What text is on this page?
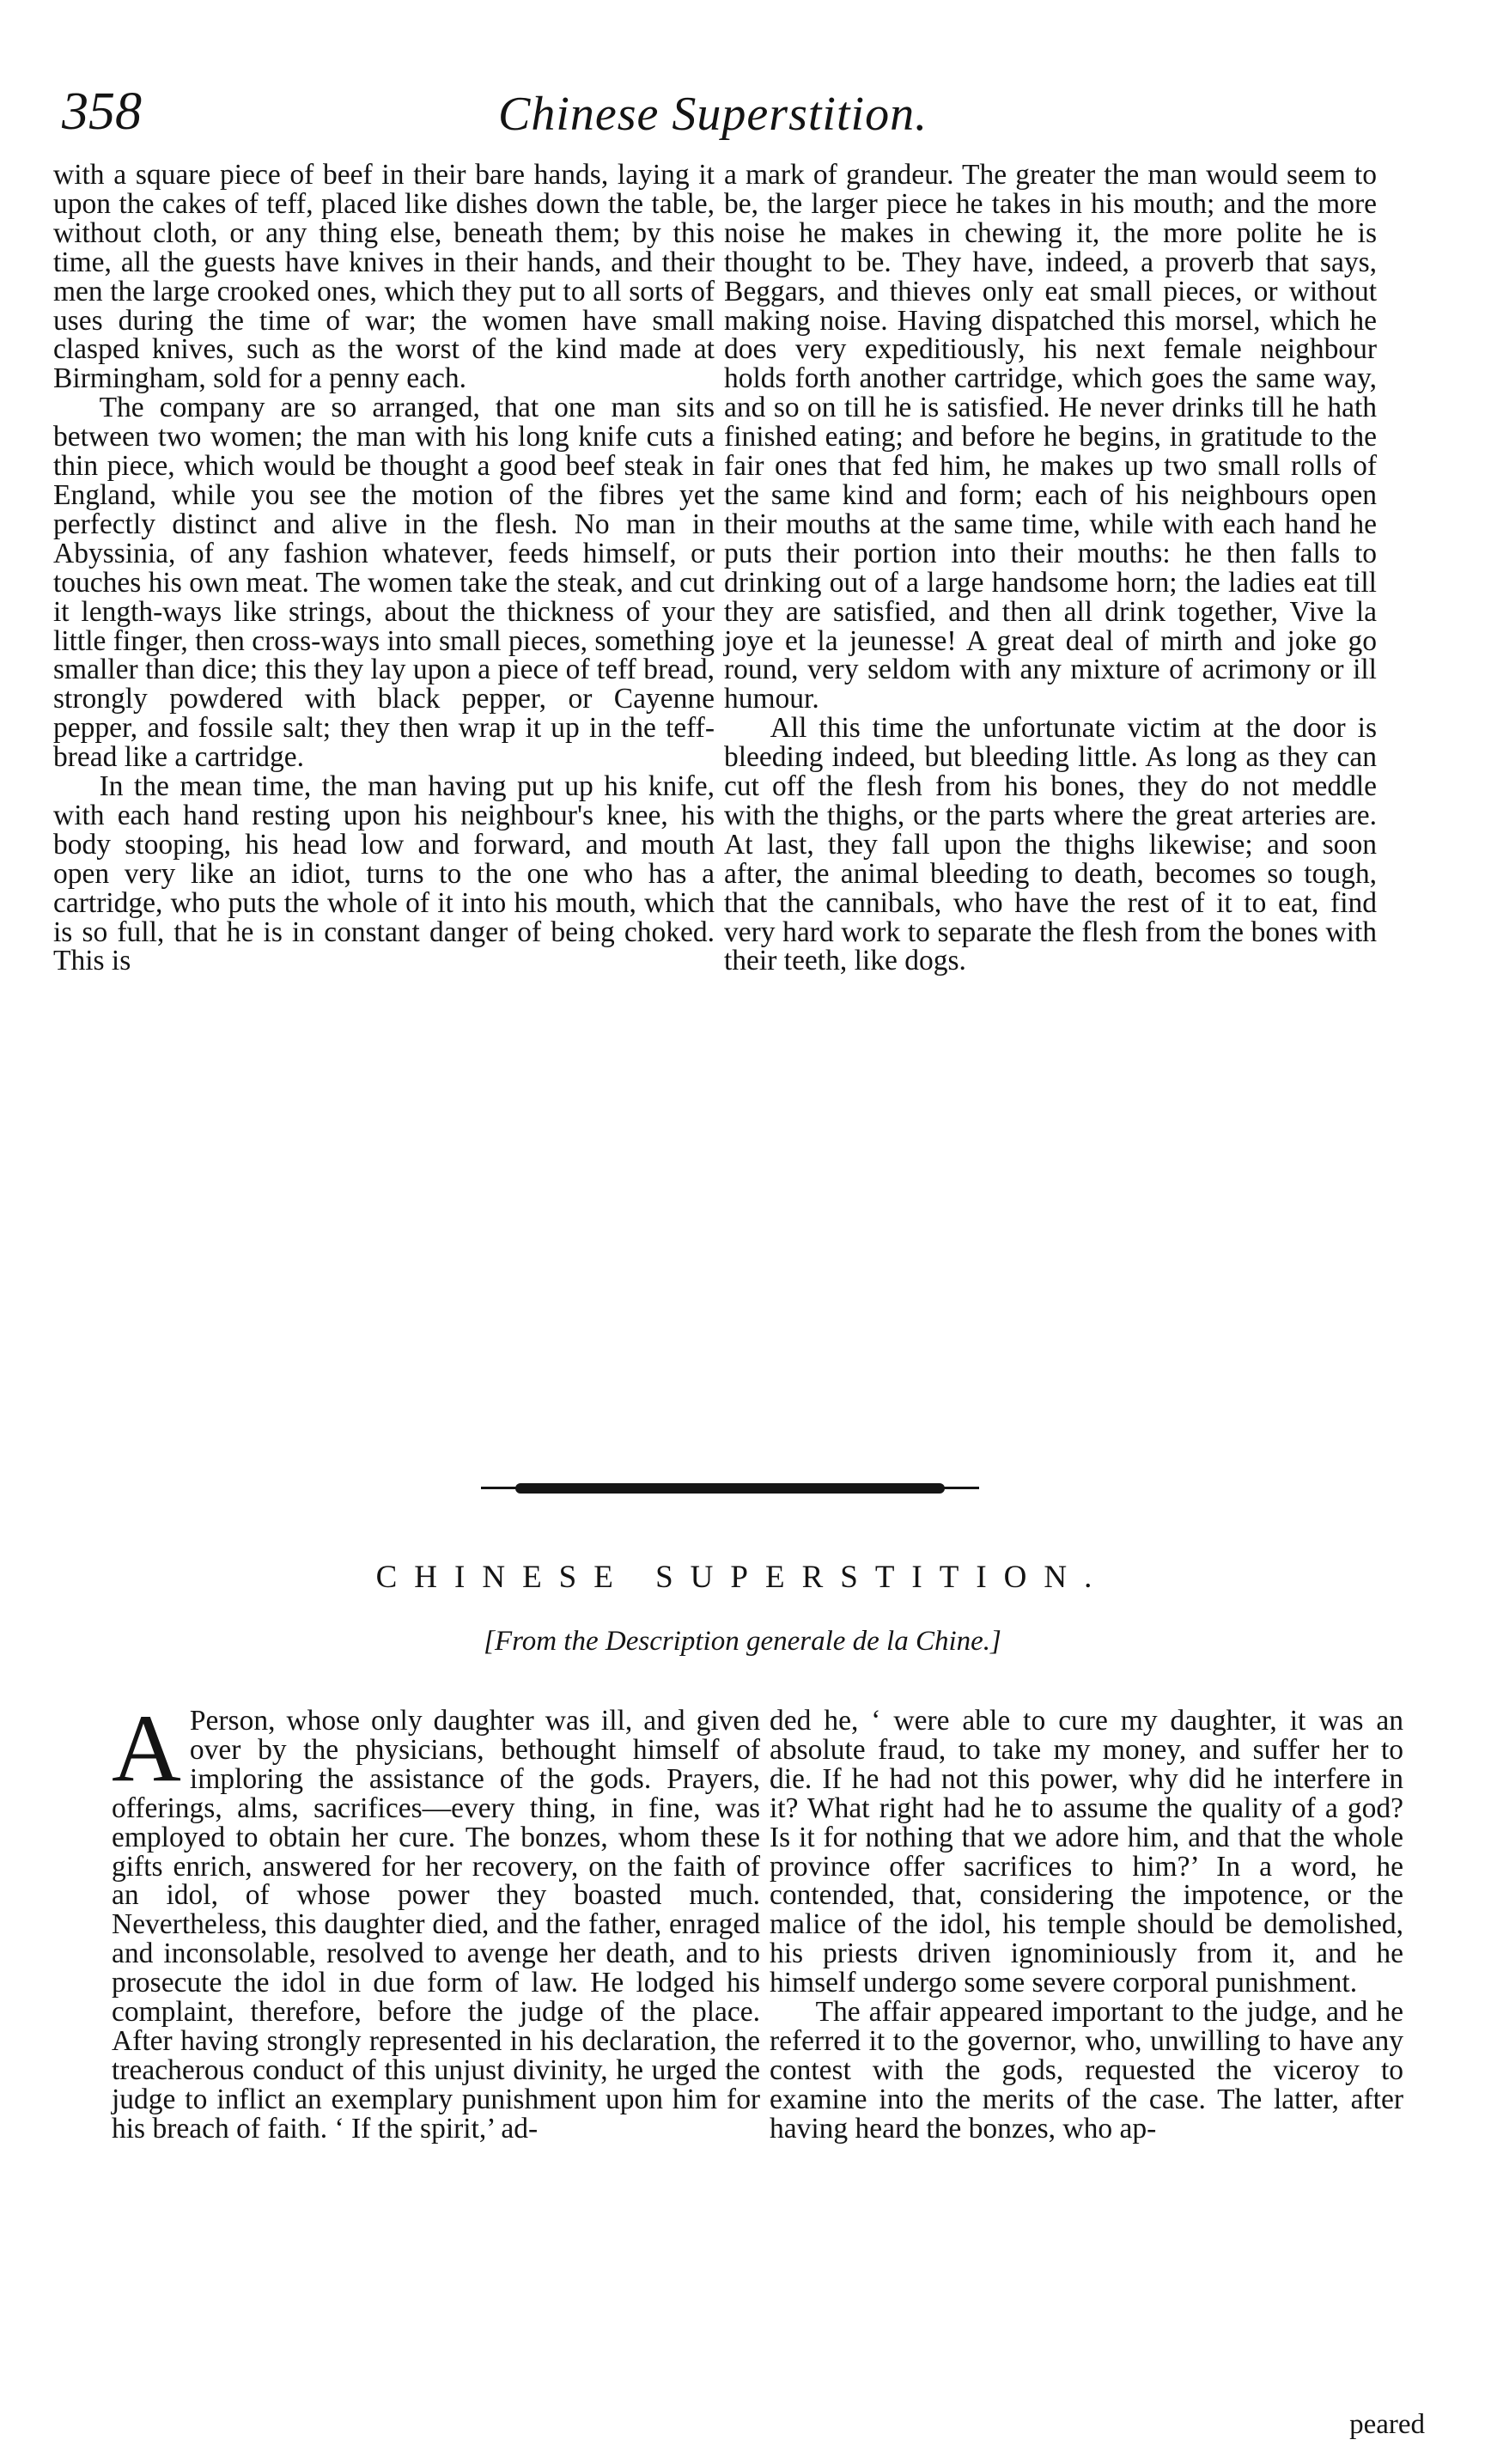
358	Chinese Superstition.

with a square piece of beef in their bare hands, laying it upon the cakes of teff, placed like dishes down the table, without cloth, or any thing else, beneath them; by this time, all the guests have knives in their hands, and their men the large crooked ones, which they put to all sorts of uses during the time of war; the women have small clasped knives, such as the worst of the kind made at Birmingham, sold for a penny each.

The company are so arranged, that one man sits between two women; the man with his long knife cuts a thin piece, which would be thought a good beef steak in England, while you see the motion of the fibres yet perfectly distinct and alive in the flesh. No man in Abyssinia, of any fashion whatever, feeds himself, or touches his own meat. The women take the steak, and cut it length-ways like strings, about the thickness of your little finger, then cross-ways into small pieces, something smaller than dice; this they lay upon a piece of teff bread, strongly powdered with black pepper, or Cayenne pepper, and fossile salt; they then wrap it up in the teff-bread like a cartridge.

In the mean time, the man having put up his knife, with each hand resting upon his neighbour's knee, his body stooping, his head low and forward, and mouth open very like an idiot, turns to the one who has a cartridge, who puts the whole of it into his mouth, which is so full, that he is in constant danger of being choked. This is

a mark of grandeur. The greater the man would seem to be, the larger piece he takes in his mouth; and the more noise he makes in chewing it, the more polite he is thought to be. They have, indeed, a proverb that says, Beggars, and thieves only eat small pieces, or without making noise. Having dispatched this morsel, which he does very expeditiously, his next female neighbour holds forth another cartridge, which goes the same way, and so on till he is satisfied. He never drinks till he hath finished eating; and before he begins, in gratitude to the fair ones that fed him, he makes up two small rolls of the same kind and form; each of his neighbours open their mouths at the same time, while with each hand he puts their portion into their mouths: he then falls to drinking out of a large handsome horn; the ladies eat till they are satisfied, and then all drink together, Vive la joye et la jeunesse! A great deal of mirth and joke go round, very seldom with any mixture of acrimony or ill humour.

All this time the unfortunate victim at the door is bleeding indeed, but bleeding little. As long as they can cut off the flesh from his bones, they do not meddle with the thighs, or the parts where the great arteries are. At last, they fall upon the thighs likewise; and soon after, the animal bleeding to death, becomes so tough, that the cannibals, who have the rest of it to eat, find very hard work to separate the flesh from the bones with their teeth, like dogs.

CHINESE SUPERSTITION.
[From the Description generale de la Chine.]

A Person, whose only daughter was ill, and given over by the physicians, bethought himself of imploring the assistance of the gods. Prayers, offerings, alms, sacrifices—every thing, in fine, was employed to obtain her cure. The bonzes, whom these gifts enrich, answered for her recovery, on the faith of an idol, of whose power they boasted much. Nevertheless, this daughter died, and the father, enraged and inconsolable, resolved to avenge her death, and to prosecute the idol in due form of law. He lodged his complaint, therefore, before the judge of the place. After having strongly represented in his declaration, the treacherous conduct of this unjust divinity, he urged the judge to inflict an exemplary punishment upon him for his breach of faith. ‘ If the spirit,’ ad-

ded he, ‘ were able to cure my daughter, it was an absolute fraud, to take my money, and suffer her to die. If he had not this power, why did he interfere in it? What right had he to assume the quality of a god? Is it for nothing that we adore him, and that the whole province offer sacrifices to him?’ In a word, he contended, that, considering the impotence, or the malice of the idol, his temple should be demolished, his priests driven ignominiously from it, and he himself undergo some severe corporal punishment.

The affair appeared important to the judge, and he referred it to the governor, who, unwilling to have any contest with the gods, requested the viceroy to examine into the merits of the case. The latter, after having heard the bonzes, who ap-

peared
